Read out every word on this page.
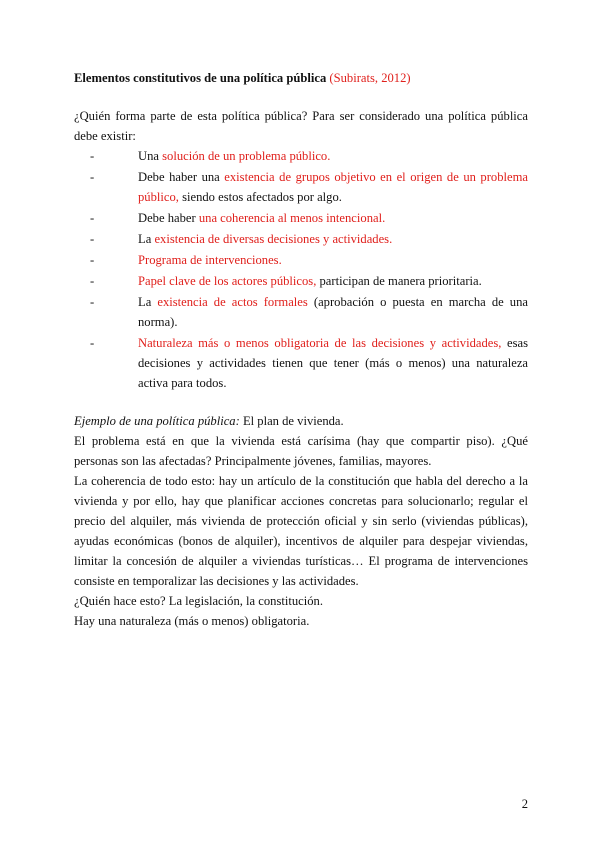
Elementos constitutivos de una política pública (Subirats, 2012)

¿Quién forma parte de esta política pública? Para ser considerado una política pública debe existir:

-	Una solución de un problema público.
-	Debe haber una existencia de grupos objetivo en el origen de un problema público, siendo estos afectados por algo.
-	Debe haber una coherencia al menos intencional.
-	La existencia de diversas decisiones y actividades.
-	Programa de intervenciones.
-	Papel clave de los actores públicos, participan de manera prioritaria.
-	La existencia de actos formales (aprobación o puesta en marcha de una norma).
-	Naturaleza más o menos obligatoria de las decisiones y actividades, esas decisiones y actividades tienen que tener (más o menos) una naturaleza activa para todos.

Ejemplo de una política pública: El plan de vivienda.

El problema está en que la vivienda está carísima (hay que compartir piso). ¿Qué personas son las afectadas? Principalmente jóvenes, familias, mayores.

La coherencia de todo esto: hay un artículo de la constitución que habla del derecho a la vivienda y por ello, hay que planificar acciones concretas para solucionarlo; regular el precio del alquiler, más vivienda de protección oficial y sin serlo (viviendas públicas), ayudas económicas (bonos de alquiler), incentivos de alquiler para despejar viviendas, limitar la concesión de alquiler a viviendas turísticas… El programa de intervenciones consiste en temporalizar las decisiones y las actividades.

¿Quién hace esto? La legislación, la constitución.

Hay una naturaleza (más o menos) obligatoria.

2
